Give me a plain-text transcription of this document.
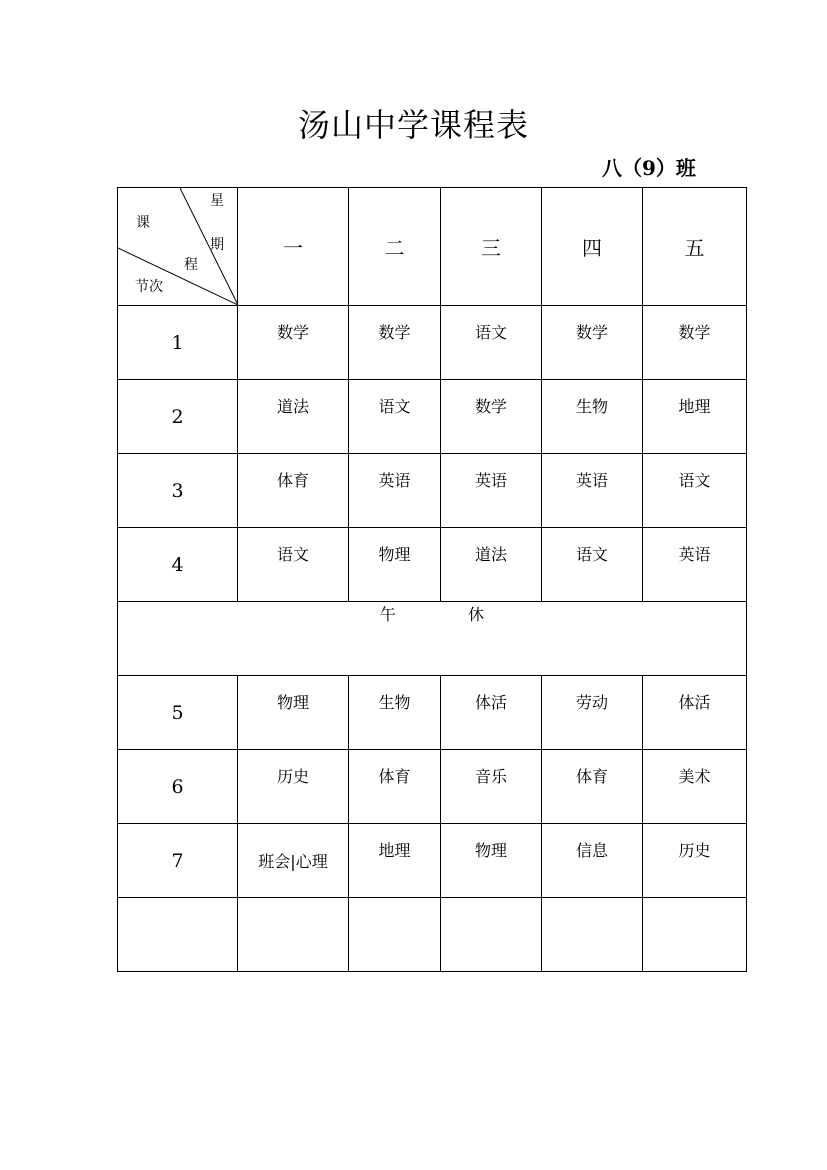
汤山中学课程表
八（9）班
课
程
星
期
节次	一	二	三	四	五
1	数学	数学	语文	数学	数学
2	道法	语文	数学	生物	地理
3	体育	英语	英语	英语	语文
4	语文	物理	道法	语文	英语
午 休					
5	物理	生物	体活	劳动	体活
6	历史	体育	音乐	体育	美术
7	班会|心理	地理	物理	信息	历史
